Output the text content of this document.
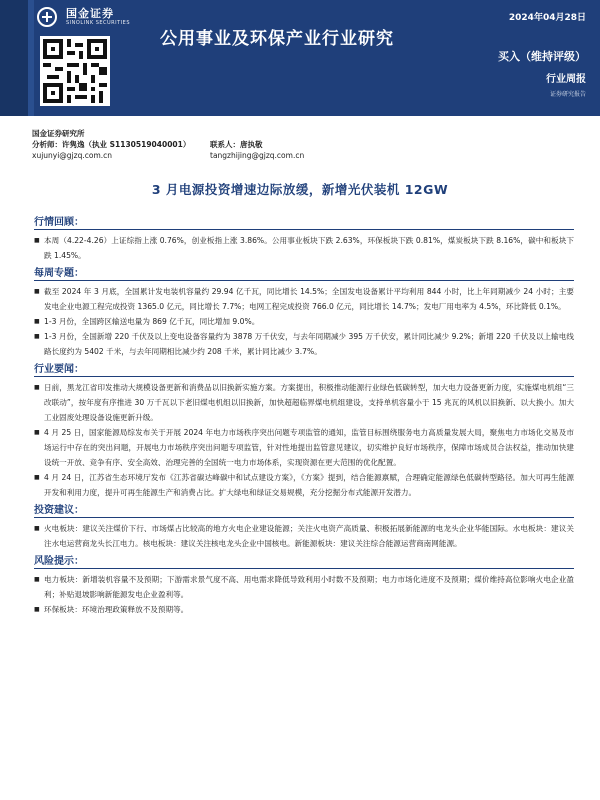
国金证券
SINOLINK SECURITIES
公用事业及环保产业行业研究
2024年04月28日
买入（维持评级）
行业周报
证券研究报告
国金证券研究所
分析师：许隽逸（执业 S1130519040001）	联系人：唐执敬
xujunyi@gjzq.com.cn	tangzhijing@gjzq.com.cn
3 月电源投资增速边际放缓，新增光伏装机 12GW
行情回顾：
■ 本周（4.22-4.26）上证综指上涨 0.76%，创业板指上涨 3.86%。公用事业板块下跌 2.63%，环保板块下跌 0.81%，煤炭板块下跌 8.16%，碳中和板块下跌 1.45%。

每周专题：
■ 截至 2024 年 3 月底，全国累计发电装机容量约 29.94 亿千瓦，同比增长 14.5%；全国发电设备累计平均利用 844 小时，比上年同期减少 24 小时；主要发电企业电源工程完成投资 1365.0 亿元，同比增长 7.7%；电网工程完成投资 766.0 亿元，同比增长 14.7%；发电厂用电率为 4.5%，环比降低 0.1%。

■ 1-3 月份，全国跨区输送电量为 869 亿千瓦，同比增加 9.0%。

■ 1-3 月份，全国新增 220 千伏及以上变电设备容量约为 3878 万千伏安，与去年同期减少 395 万千伏安，累计同比减少 9.2%；新增 220 千伏及以上输电线路长度约为 5402 千米，与去年同期相比减少约 208 千米，累计同比减少 3.7%。

行业要闻：
■ 日前，黑龙江省印发推动大规模设备更新和消费品以旧换新实施方案。方案提出，积极推动能源行业绿色低碳转型，加大电力设备更新力度，实施煤电机组“三改联动”，按年度有序推进 30 万千瓦以下老旧煤电机组以旧换新，加快超超临界煤电机组建设，支持单机容量小于 15 兆瓦的风机以旧换新、以大换小。加大工业固废处理设备设施更新升级。

■ 4 月 25 日，国家能源局综发布关于开展 2024 年电力市场秩序突出问题专项监管的通知，监管目标围绕服务电力高质量发展大局，聚焦电力市场化交易及市场运行中存在的突出问题，开展电力市场秩序突出问题专项监管，针对性地提出监管意见建议，切实维护良好市场秩序，保障市场成员合法权益，推动加快建设统一开放、竞争有序、安全高效、治理完善的全国统一电力市场体系，实现资源在更大范围的优化配置。

■ 4 月 24 日，江苏省生态环境厅发布《江苏省碳达峰碳中和试点建设方案》，《方案》提到，结合能源禀赋，合理确定能源绿色低碳转型路径。加大可再生能源开发和利用力度，提升可再生能源生产和消费占比。扩大绿电和绿证交易规模，充分挖掘分布式能源开发潜力。

投资建议：
■ 火电板块：建议关注煤价下行、市场煤占比较高的地方火电企业建设能源；关注火电资产高质量、积极拓展新能源的电龙头企业华能国际。水电板块：建议关注水电运营商龙头长江电力。核电板块：建议关注核电龙头企业中国核电。新能源板块：建议关注综合能源运营商南网能源。

风险提示：
■ 电力板块：新增装机容量不及预期；下游需求景气度不高、用电需求降低导致利用小时数不及预期；电力市场化进度不及预期；煤价维持高位影响火电企业盈利；补贴退坡影响新能源发电企业盈利等。

■ 环保板块：环境治理政策释放不及预期等。
